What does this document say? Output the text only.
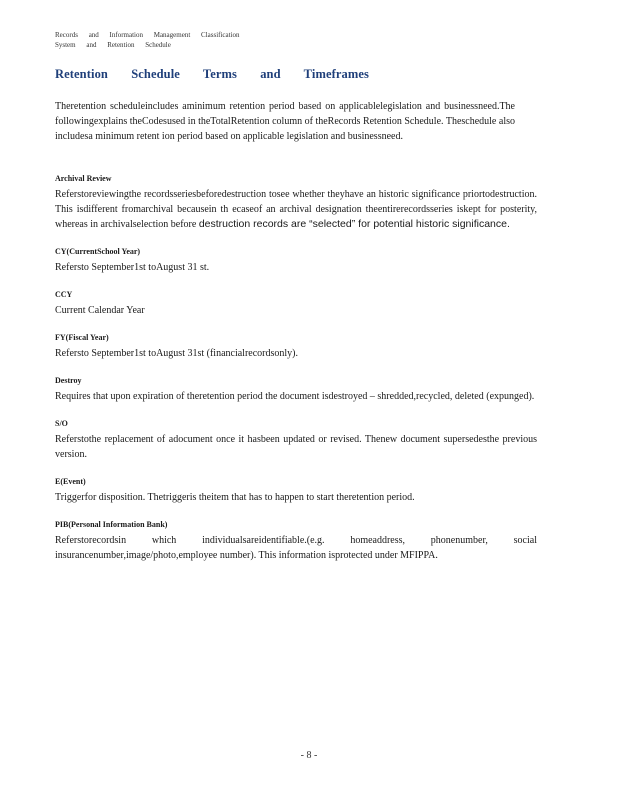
Records and Information Management Classification
System and Retention Schedule
Retention Schedule Terms and Timeframes

Theretention scheduleincludes aminimum retention period based on applicablelegislation and businessneed.The followingexplains theCodesused in theTotalRetention column of theRecords Retention Schedule. Theschedule also includesa minimum retent ion period based on applicable legislation and businessneed.

Archival Review

Referstoreviewingthe recordsseriesbeforedestruction tosee whether theyhave an historic significance priortodestruction. This isdifferent fromarchival becausein th ecaseof an archival designation theentirerecordsseries iskept for posterity, whereas in archivalselection before destruction records are “selected” for potential historic significance.

CY(CurrentSchool Year)

Refersto September1st toAugust 31 st.

CCY

Current Calendar Year

FY(Fiscal Year)

Refersto September1st toAugust 31st (financialrecordsonly).

Destroy

Requires that upon expiration of theretention period the document isdestroyed – shredded,recycled, deleted (expunged).

S/O

Referstothe replacement of adocument once it hasbeen updated or revised. Thenew document supersedesthe previous version.

E(Event)

Triggerfor disposition. Thetriggeris theitem that has to happen to start theretention period.

PIB(Personal Information Bank)

Referstorecordsin which individualsareidentifiable.(e.g. homeaddress, phonenumber, social insurancenumber,image/photo,employee number). This information isprotected under MFIPPA.

- 8 -
